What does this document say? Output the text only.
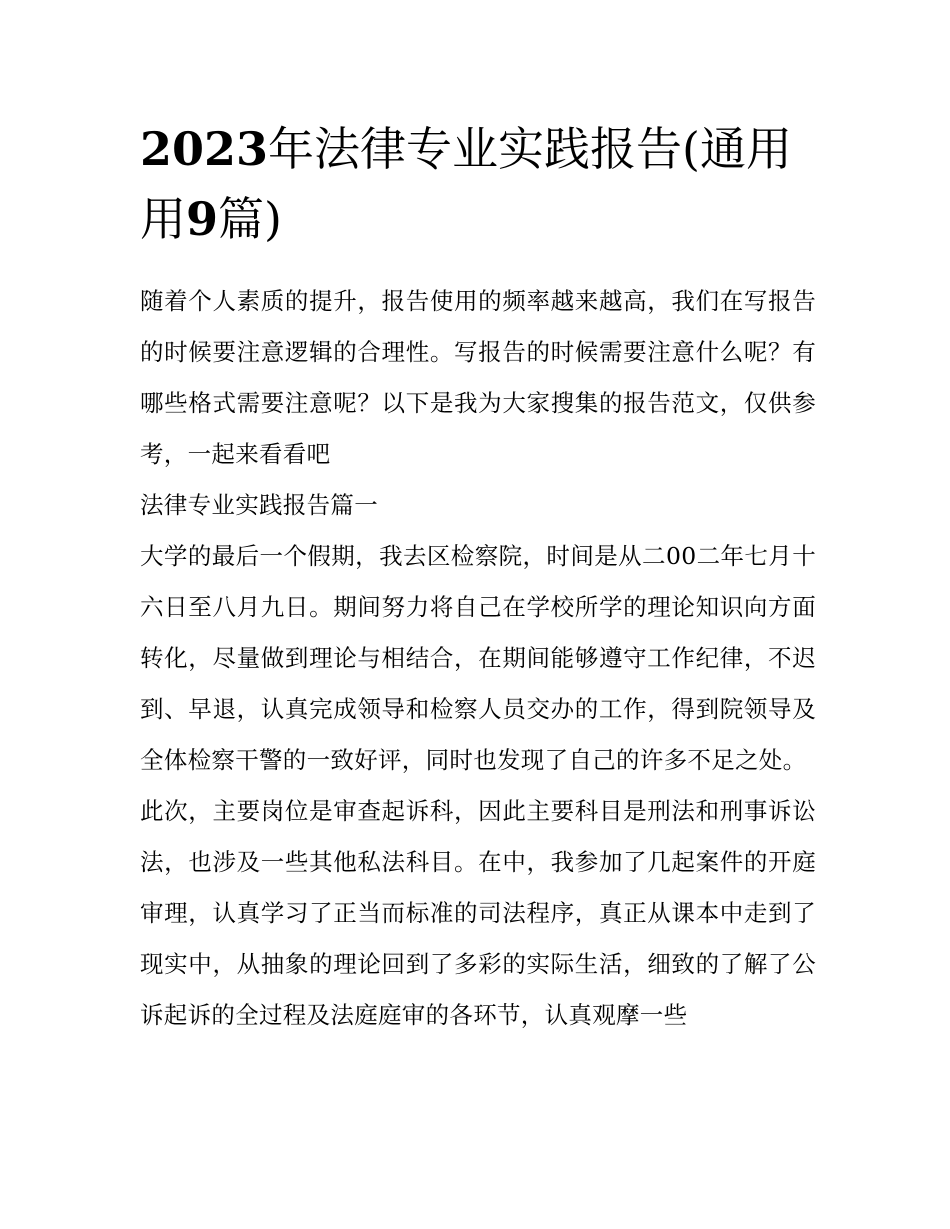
2023年法律专业实践报告(通用
用9篇)

随着个人素质的提升，报告使用的频率越来越高，我们在写报告的时候要注意逻辑的合理性。写报告的时候需要注意什么呢？有哪些格式需要注意呢？以下是我为大家搜集的报告范文，仅供参考，一起来看看吧

法律专业实践报告篇一

大学的最后一个假期，我去区检察院，时间是从二00二年七月十六日至八月九日。期间努力将自己在学校所学的理论知识向方面转化，尽量做到理论与相结合，在期间能够遵守工作纪律，不迟到、早退，认真完成领导和检察人员交办的工作，得到院领导及全体检察干警的一致好评，同时也发现了自己的许多不足之处。

此次，主要岗位是审查起诉科，因此主要科目是刑法和刑事诉讼法，也涉及一些其他私法科目。在中，我参加了几起案件的开庭审理，认真学习了正当而标准的司法程序，真正从课本中走到了现实中，从抽象的理论回到了多彩的实际生活，细致的了解了公诉起诉的全过程及法庭庭审的各环节，认真观摩一些
